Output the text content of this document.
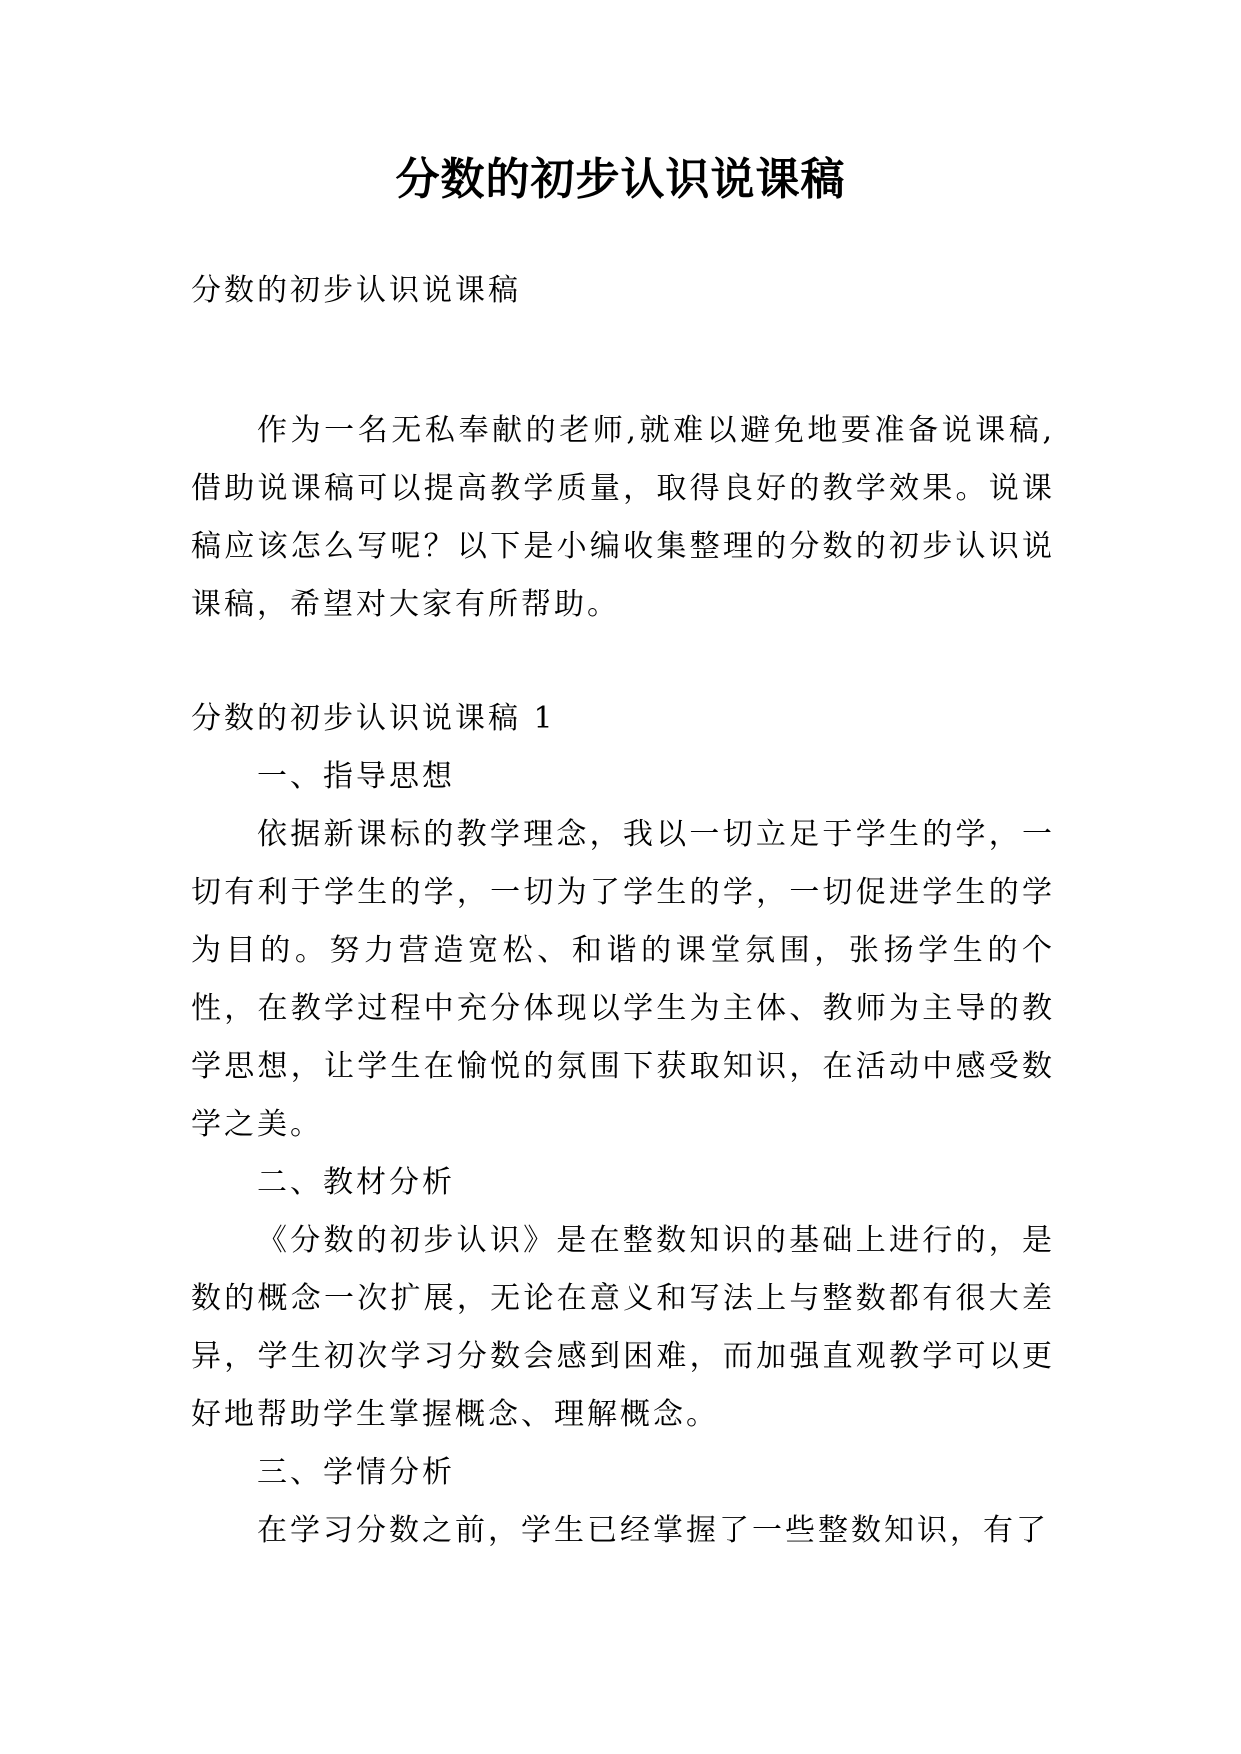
分数的初步认识说课稿

分数的初步认识说课稿

作为一名无私奉献的老师,就难以避免地要准备说课稿,借助说课稿可以提高教学质量，取得良好的教学效果。说课稿应该怎么写呢？以下是小编收集整理的分数的初步认识说课稿，希望对大家有所帮助。

分数的初步认识说课稿 1

一、指导思想

依据新课标的教学理念，我以一切立足于学生的学，一切有利于学生的学，一切为了学生的学，一切促进学生的学为目的。努力营造宽松、和谐的课堂氛围，张扬学生的个性，在教学过程中充分体现以学生为主体、教师为主导的教学思想，让学生在愉悦的氛围下获取知识，在活动中感受数学之美。

二、教材分析

《分数的初步认识》是在整数知识的基础上进行的，是数的概念一次扩展，无论在意义和写法上与整数都有很大差异，学生初次学习分数会感到困难，而加强直观教学可以更好地帮助学生掌握概念、理解概念。

三、学情分析

在学习分数之前，学生已经掌握了一些整数知识，有了
